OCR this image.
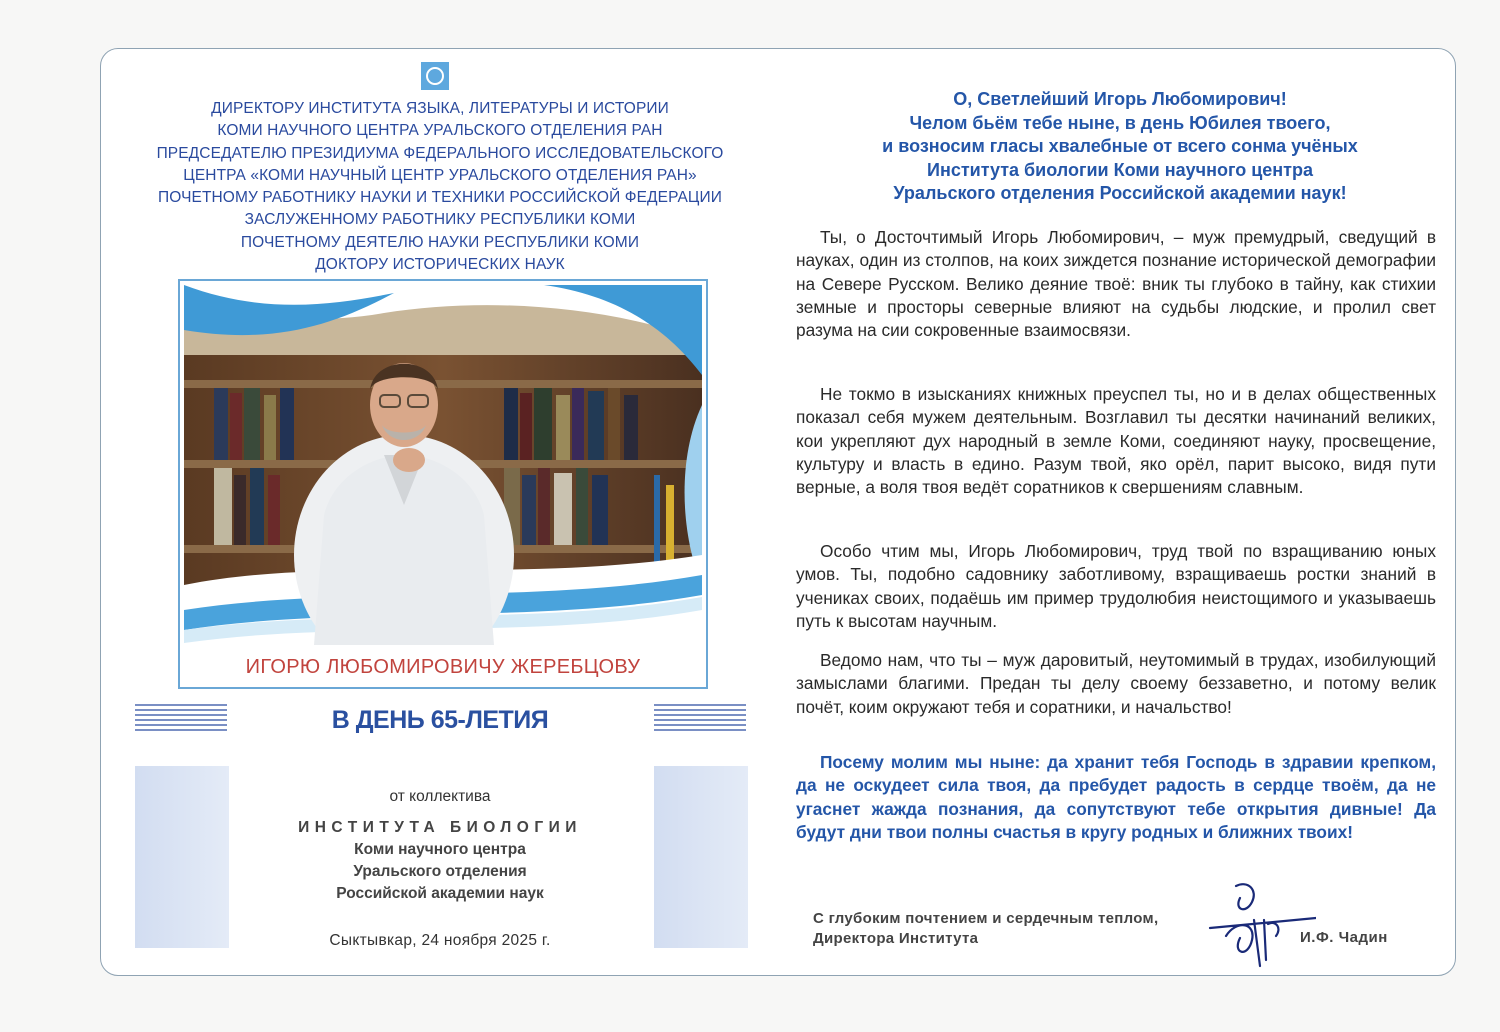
ДИРЕКТОРУ ИНСТИТУТА ЯЗЫКА, ЛИТЕРАТУРЫ И ИСТОРИИ
КОМИ НАУЧНОГО ЦЕНТРА УРАЛЬСКОГО ОТДЕЛЕНИЯ РАН
ПРЕДСЕДАТЕЛЮ ПРЕЗИДИУМА ФЕДЕРАЛЬНОГО ИССЛЕДОВАТЕЛЬСКОГО
ЦЕНТРА «КОМИ НАУЧНЫЙ ЦЕНТР УРАЛЬСКОГО ОТДЕЛЕНИЯ РАН»
ПОЧЕТНОМУ РАБОТНИКУ НАУКИ И ТЕХНИКИ РОССИЙСКОЙ ФЕДЕРАЦИИ
ЗАСЛУЖЕННОМУ РАБОТНИКУ РЕСПУБЛИКИ КОМИ
ПОЧЕТНОМУ ДЕЯТЕЛЮ НАУКИ РЕСПУБЛИКИ КОМИ
ДОКТОРУ ИСТОРИЧЕСКИХ НАУК
ИГОРЮ ЛЮБОМИРОВИЧУ ЖЕРЕБЦОВУ
В ДЕНЬ 65-ЛЕТИЯ
от коллектива
ИНСТИТУТА БИОЛОГИИ
Коми научного центра
Уральского отделения
Российской академии наук
Сыктывкар, 24 ноября 2025 г.
О, Светлейший Игорь Любомирович!
Челом бьём тебе ныне, в день Юбилея твоего,
и возносим гласы хвалебные от всего сонма учёных
Института биологии Коми научного центра
Уральского отделения Российской академии наук!
Ты, о Досточтимый Игорь Любомирович, – муж премудрый, сведущий в науках, один из столпов, на коих зиждется познание исторической демографии на Севере Русском. Велико деяние твоё: вник ты глубоко в тайну, как стихии земные и просторы северные влияют на судьбы людские, и пролил свет разума на сии сокровенные взаимосвязи.
Не токмо в изысканиях книжных преуспел ты, но и в делах общественных показал себя мужем деятельным. Возглавил ты десятки начинаний великих, кои укрепляют дух народный в земле Коми, соединяют науку, просвещение, культуру и власть в едино. Разум твой, яко орёл, парит высоко, видя пути верные, а воля твоя ведёт соратников к свершениям славным.
Особо чтим мы, Игорь Любомирович, труд твой по взращиванию юных умов. Ты, подобно садовнику заботливому, взращиваешь ростки знаний в учениках своих, подаёшь им пример трудолюбия неистощимого и указываешь путь к высотам научным.
Ведомо нам, что ты – муж даровитый, неутомимый в трудах, изобилующий замыслами благими. Предан ты делу своему беззаветно, и потому велик почёт, коим окружают тебя и соратники, и начальство!
Посему молим мы ныне: да хранит тебя Господь в здравии крепком, да не оскудеет сила твоя, да пребудет радость в сердце твоём, да не угаснет жажда познания, да сопутствуют тебе открытия дивные! Да будут дни твои полны счастья в кругу родных и ближних твоих!
С глубоким почтением и сердечным теплом,
Директора Института	И.Ф. Чадин
